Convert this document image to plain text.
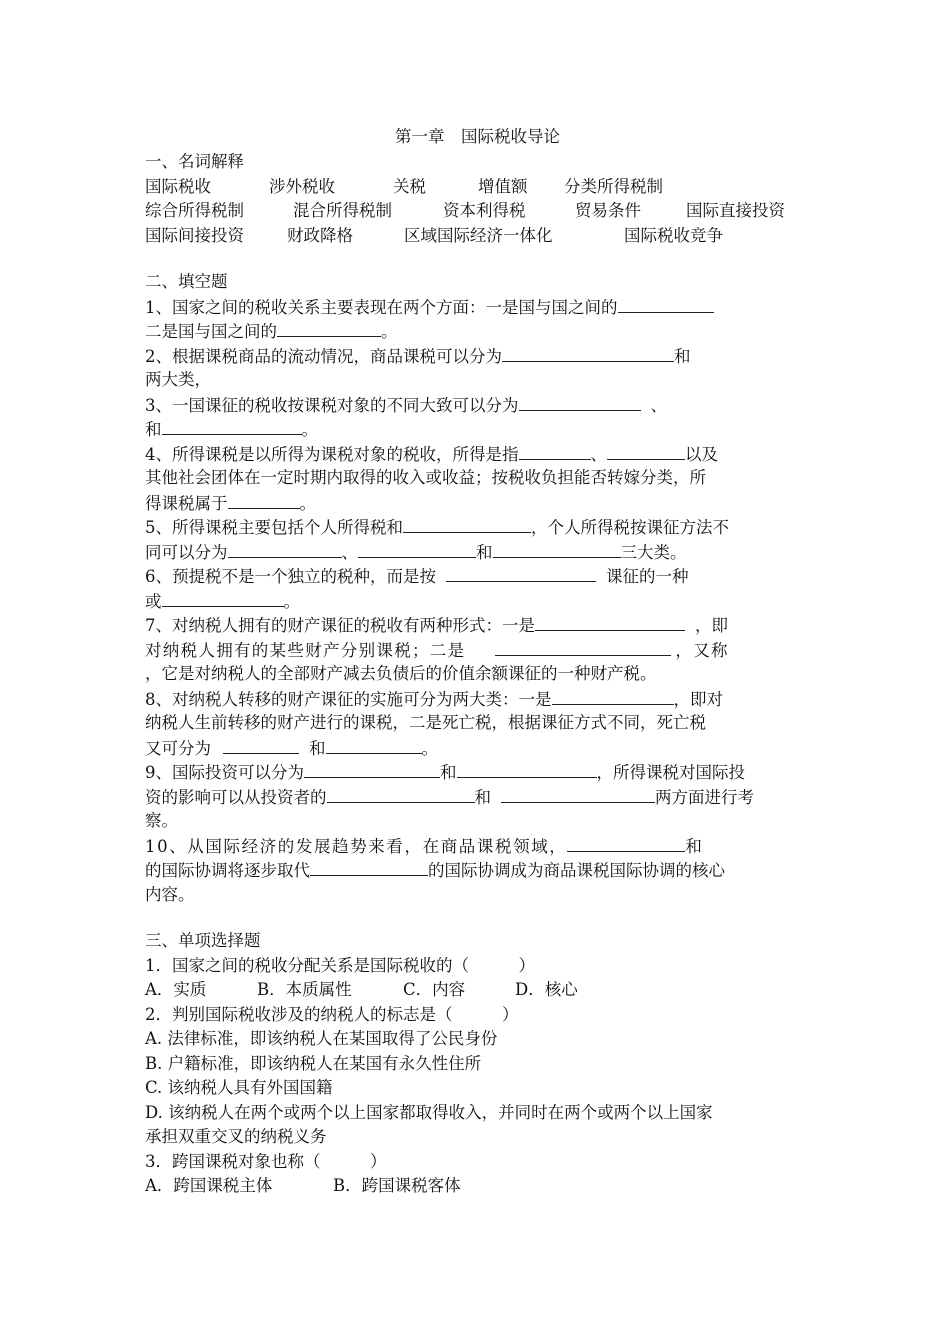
第一章　国际税收导论
一、名词解释
国际税收	涉外税收	关税	增值额 分类所得税制
综合所得税制	混合所得税制	资本利得税	贸易条件	国际直接投资
国际间接投资	财政降格	区域国际经济一体化	国际税收竞争
二、填空题
1、国家之间的税收关系主要表现在两个方面：一是国与国之间的
二是国与国之间的	。
2、根据课税商品的流动情况，商品课税可以分为	和
两大类，
3、一国课征的税收按课税对象的不同大致可以分为	、
和	。
4、所得课税是以所得为课税对象的税收，所得是指	、	以及
其他社会团体在一定时期内取得的收入或收益；按税收负担能否转嫁分类，所
得课税属于	。
5、所得课税主要包括个人所得税和	，个人所得税按课征方法不
同可以分为	、	和	三大类。
6、预提税不是一个独立的税种，而是按	课征的一种
或	。
7、对纳税人拥有的财产课征的税收有两种形式：一是	，即
对纳税人拥有的某些财产分别课税；二是	，又称
，它是对纳税人的全部财产减去负债后的价值余额课征的一种财产税。
8、对纳税人转移的财产课征的实施可分为两大类：一是	，即对
纳税人生前转移的财产进行的课税，二是死亡税，根据课征方式不同，死亡税
又可分为	和	。
9、国际投资可以分为	和	，所得课税对国际投
资的影响可以从投资者的	和	两方面进行考
察。
10、从国际经济的发展趋势来看，在商品课税领域，	和
的国际协调将逐步取代	的国际协调成为商品课税国际协调的核心
内容。
三、单项选择题
1．国家之间的税收分配关系是国际税收的（　　　）
A．实质	B．本质属性	C．内容	D．核心
2．判别国际税收涉及的纳税人的标志是（　　　）
A. 法律标准，即该纳税人在某国取得了公民身份
B. 户籍标准，即该纳税人在某国有永久性住所
C. 该纳税人具有外国国籍
D. 该纳税人在两个或两个以上国家都取得收入，并同时在两个或两个以上国家
承担双重交叉的纳税义务
3．跨国课税对象也称（　　　）
A．跨国课税主体	B．跨国课税客体
